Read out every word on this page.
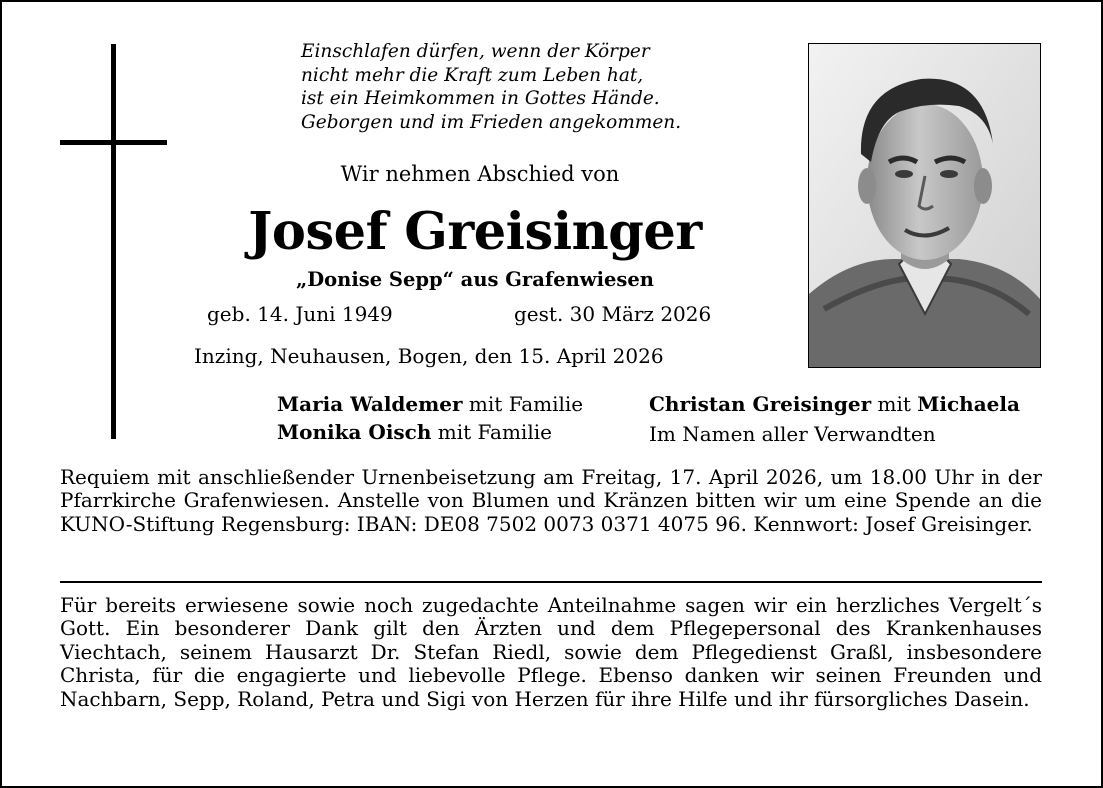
Einschlafen dürfen, wenn der Körper
nicht mehr die Kraft zum Leben hat,
ist ein Heimkommen in Gottes Hände.
Geborgen und im Frieden angekommen.
Wir nehmen Abschied von
Josef Greisinger
„Donise Sepp“ aus Grafenwiesen
geb. 14. Juni 1949	gest. 30 März 2026
Inzing, Neuhausen, Bogen, den 15. April 2026
Maria Waldemer mit Familie
Monika Oisch mit Familie
Christan Greisinger mit Michaela
Im Namen aller Verwandten
Requiem mit anschließender Urnenbeisetzung am Freitag, 17. April 2026, um 18.00 Uhr in der Pfarrkirche Grafenwiesen. Anstelle von Blumen und Kränzen bitten wir um eine Spende an die KUNO-Stiftung Regensburg: IBAN: DE08 7502 0073 0371 4075 96. Kennwort: Josef Greisinger.
Für bereits erwiesene sowie noch zugedachte Anteilnahme sagen wir ein herzliches Vergelt´s Gott. Ein besonderer Dank gilt den Ärzten und dem Pflegepersonal des Krankenhauses Viechtach, seinem Hausarzt Dr. Stefan Riedl, sowie dem Pflegedienst Graßl, insbesondere Christa, für die engagierte und liebevolle Pflege. Ebenso danken wir seinen Freunden und Nachbarn, Sepp, Roland, Petra und Sigi von Herzen für ihre Hilfe und ihr fürsorgliches Dasein.
